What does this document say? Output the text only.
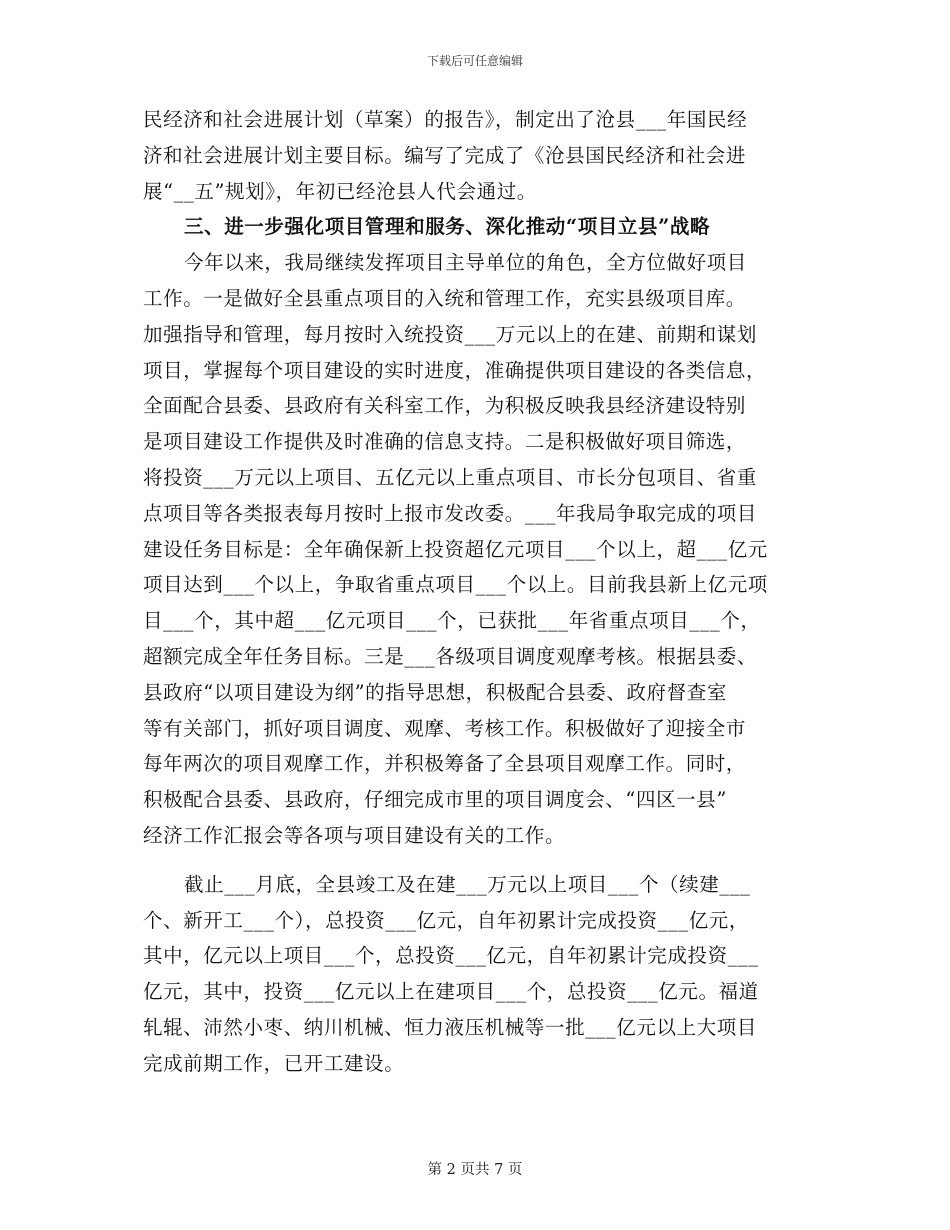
下载后可任意编辑

民经济和社会进展计划（草案）的报告》，制定出了沧县___年国民经
济和社会进展计划主要目标。编写了完成了《沧县国民经济和社会进
展“__五”规划》，年初已经沧县人代会通过。

三、进一步强化项目管理和服务、深化推动“项目立县”战略

今年以来，我局继续发挥项目主导单位的角色，全方位做好项目
工作。一是做好全县重点项目的入统和管理工作，充实县级项目库。
加强指导和管理，每月按时入统投资___万元以上的在建、前期和谋划
项目，掌握每个项目建设的实时进度，准确提供项目建设的各类信息，
全面配合县委、县政府有关科室工作，为积极反映我县经济建设特别
是项目建设工作提供及时准确的信息支持。二是积极做好项目筛选，
将投资___万元以上项目、五亿元以上重点项目、市长分包项目、省重
点项目等各类报表每月按时上报市发改委。___年我局争取完成的项目
建设任务目标是：全年确保新上投资超亿元项目___个以上，超___亿元
项目达到___个以上，争取省重点项目___个以上。目前我县新上亿元项
目___个，其中超___亿元项目___个，已获批___年省重点项目___个，
超额完成全年任务目标。三是___各级项目调度观摩考核。根据县委、
县政府“以项目建设为纲”的指导思想，积极配合县委、政府督查室
等有关部门，抓好项目调度、观摩、考核工作。积极做好了迎接全市
每年两次的项目观摩工作，并积极筹备了全县项目观摩工作。同时，
积极配合县委、县政府，仔细完成市里的项目调度会、“四区一县”
经济工作汇报会等各项与项目建设有关的工作。

截止___月底，全县竣工及在建___万元以上项目___个（续建___
个、新开工___个），总投资___亿元，自年初累计完成投资___亿元，
其中，亿元以上项目___个，总投资___亿元，自年初累计完成投资___
亿元，其中，投资___亿元以上在建项目___个，总投资___亿元。福道
轧辊、沛然小枣、纳川机械、恒力液压机械等一批___亿元以上大项目
完成前期工作，已开工建设。

第 2 页共 7 页
